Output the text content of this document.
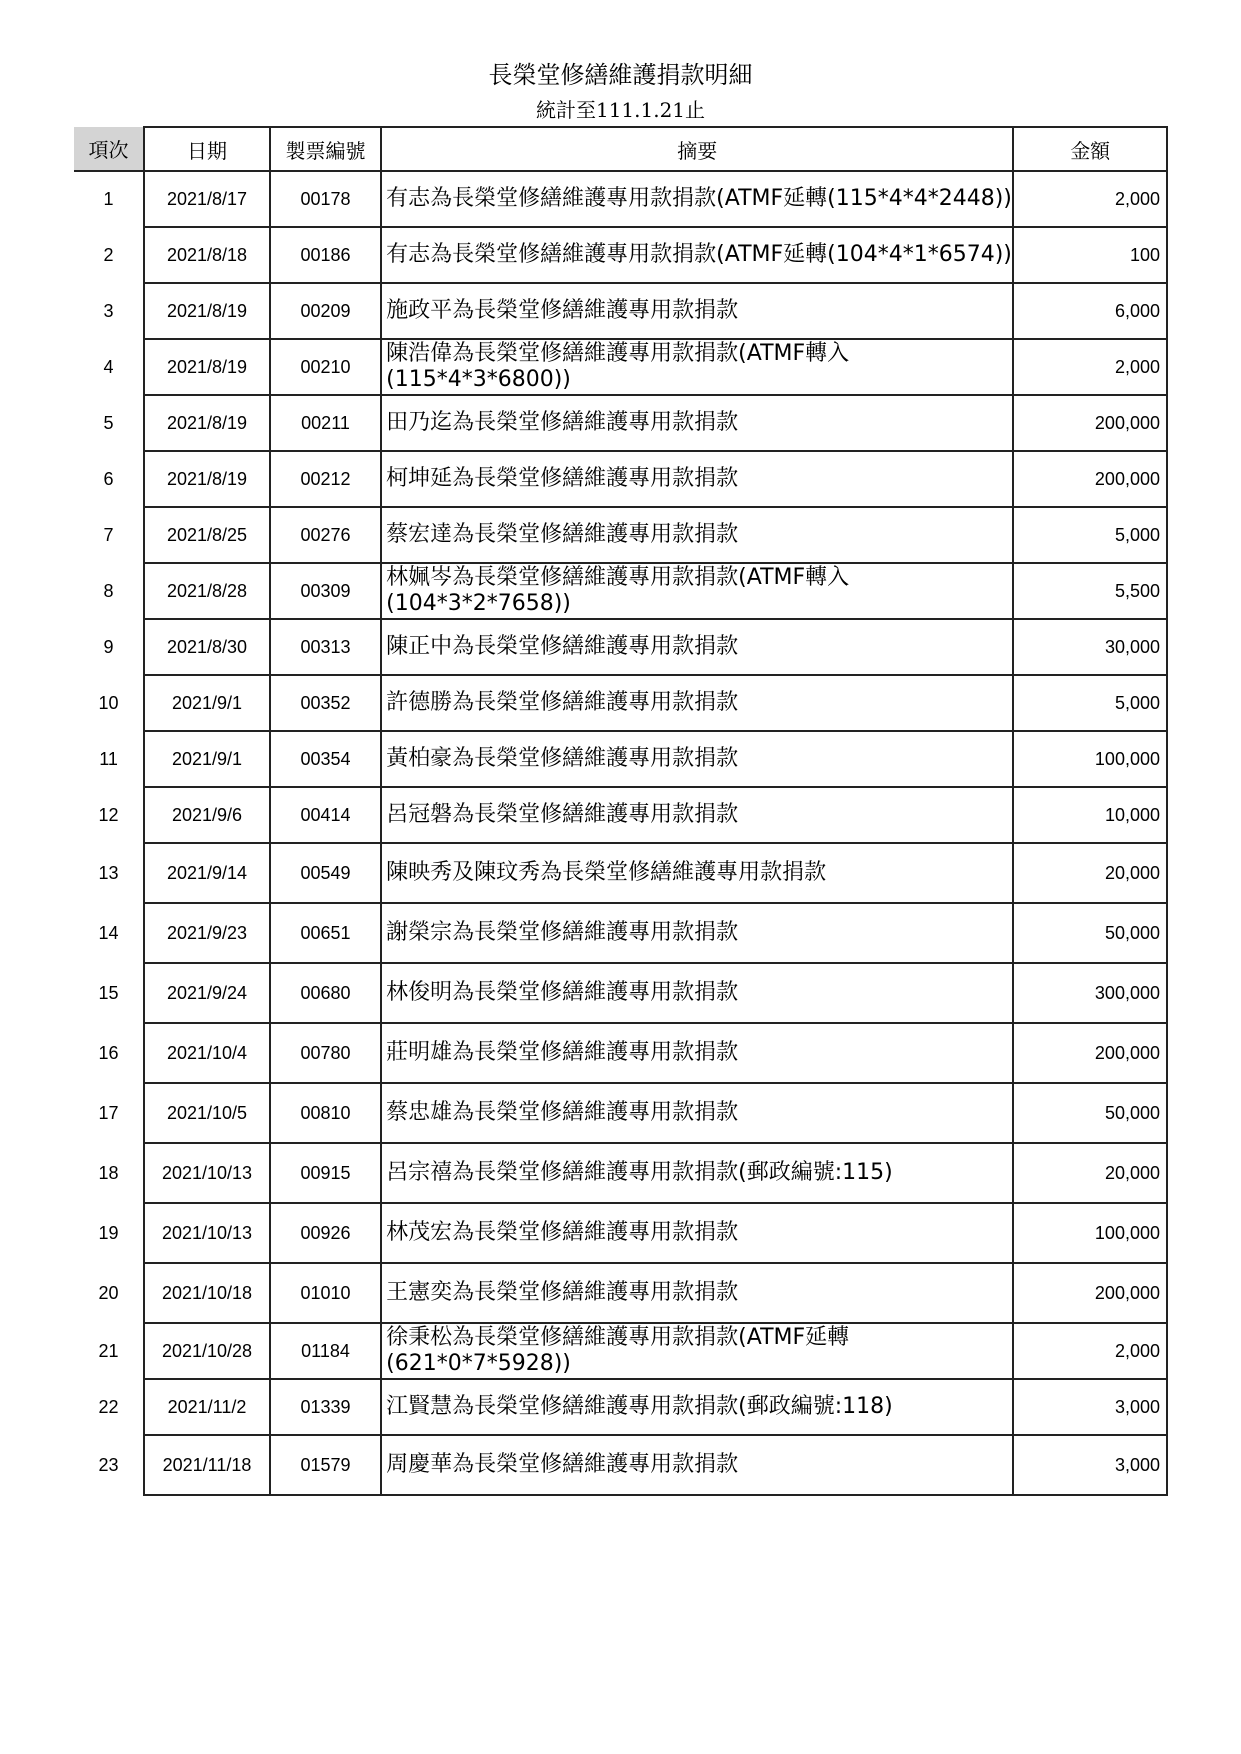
長榮堂修繕維護捐款明細
統計至111.1.21止
項次	日期	製票編號	摘要	金額
1	2021/8/17	00178	有志為長榮堂修繕維護專用款捐款(ATMF延轉(115*4*4*2448))	2,000
2	2021/8/18	00186	有志為長榮堂修繕維護專用款捐款(ATMF延轉(104*4*1*6574))	100
3	2021/8/19	00209	施政平為長榮堂修繕維護專用款捐款	6,000
4	2021/8/19	00210	陳浩偉為長榮堂修繕維護專用款捐款(ATMF轉入(115*4*3*6800))	2,000
5	2021/8/19	00211	田乃迄為長榮堂修繕維護專用款捐款	200,000
6	2021/8/19	00212	柯坤延為長榮堂修繕維護專用款捐款	200,000
7	2021/8/25	00276	蔡宏達為長榮堂修繕維護專用款捐款	5,000
8	2021/8/28	00309	林姵岑為長榮堂修繕維護專用款捐款(ATMF轉入(104*3*2*7658))	5,500
9	2021/8/30	00313	陳正中為長榮堂修繕維護專用款捐款	30,000
10	2021/9/1	00352	許德勝為長榮堂修繕維護專用款捐款	5,000
11	2021/9/1	00354	黃柏豪為長榮堂修繕維護專用款捐款	100,000
12	2021/9/6	00414	呂冠磐為長榮堂修繕維護專用款捐款	10,000
13	2021/9/14	00549	陳映秀及陳玟秀為長榮堂修繕維護專用款捐款	20,000
14	2021/9/23	00651	謝榮宗為長榮堂修繕維護專用款捐款	50,000
15	2021/9/24	00680	林俊明為長榮堂修繕維護專用款捐款	300,000
16	2021/10/4	00780	莊明雄為長榮堂修繕維護專用款捐款	200,000
17	2021/10/5	00810	蔡忠雄為長榮堂修繕維護專用款捐款	50,000
18	2021/10/13	00915	呂宗禧為長榮堂修繕維護專用款捐款(郵政編號:115)	20,000
19	2021/10/13	00926	林茂宏為長榮堂修繕維護專用款捐款	100,000
20	2021/10/18	01010	王憲奕為長榮堂修繕維護專用款捐款	200,000
21	2021/10/28	01184	徐秉松為長榮堂修繕維護專用款捐款(ATMF延轉(621*0*7*5928))	2,000
22	2021/11/2	01339	江賢慧為長榮堂修繕維護專用款捐款(郵政編號:118)	3,000
23	2021/11/18	01579	周慶華為長榮堂修繕維護專用款捐款	3,000
